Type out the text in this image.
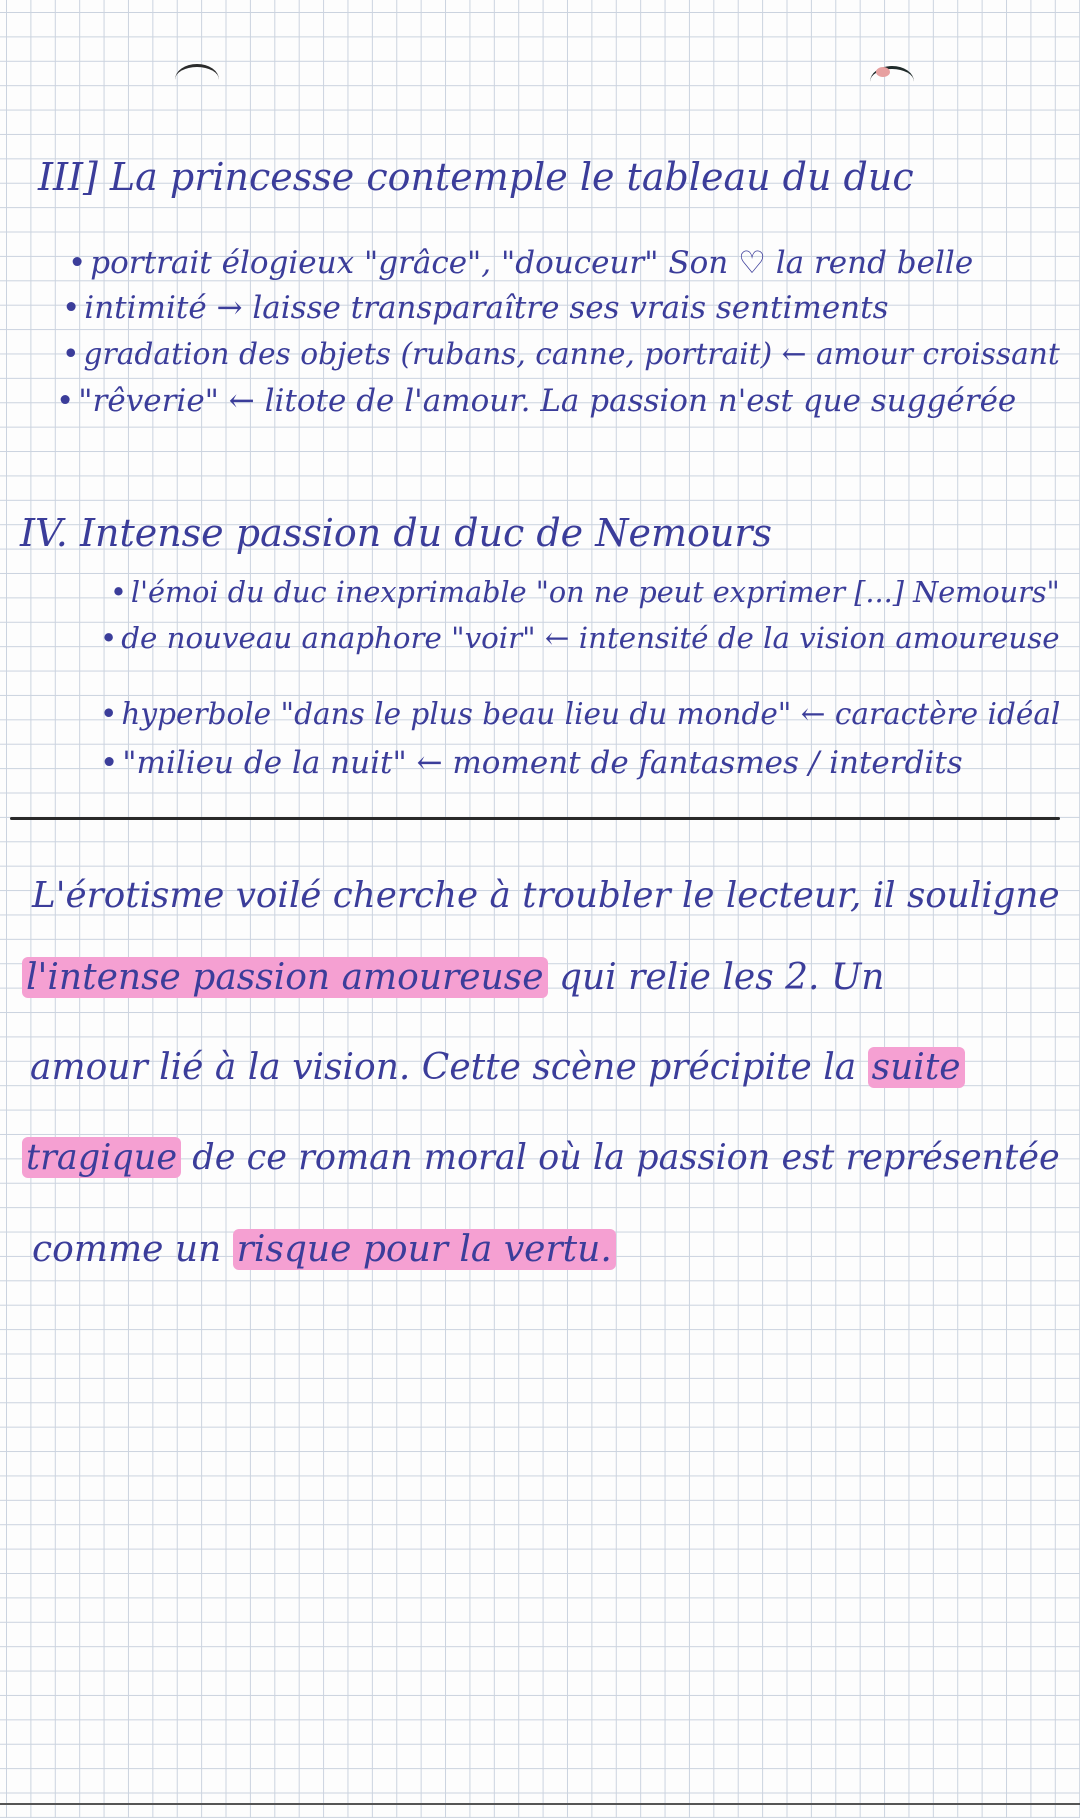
III] La princesse contemple le tableau du duc
• portrait élogieux "grâce", "douceur" Son ♡ la rend belle
• intimité → laisse transparaître ses vrais sentiments
• gradation des objets (rubans, canne, portrait) ← amour croissant
• "rêverie" ← litote de l'amour. La passion n'est que suggérée
IV. Intense passion du duc de Nemours
• l'émoi du duc inexprimable "on ne peut exprimer [...] Nemours"
• de nouveau anaphore "voir" ← intensité de la vision amoureuse
• hyperbole "dans le plus beau lieu du monde" ← caractère idéal
• "milieu de la nuit" ← moment de fantasmes / interdits
L'érotisme voilé cherche à troubler le lecteur, il souligne
l'intense passion amoureuse qui relie les 2. Un
amour lié à la vision. Cette scène précipite la suite
tragique de ce roman moral où la passion est représentée
comme un risque pour la vertu.
